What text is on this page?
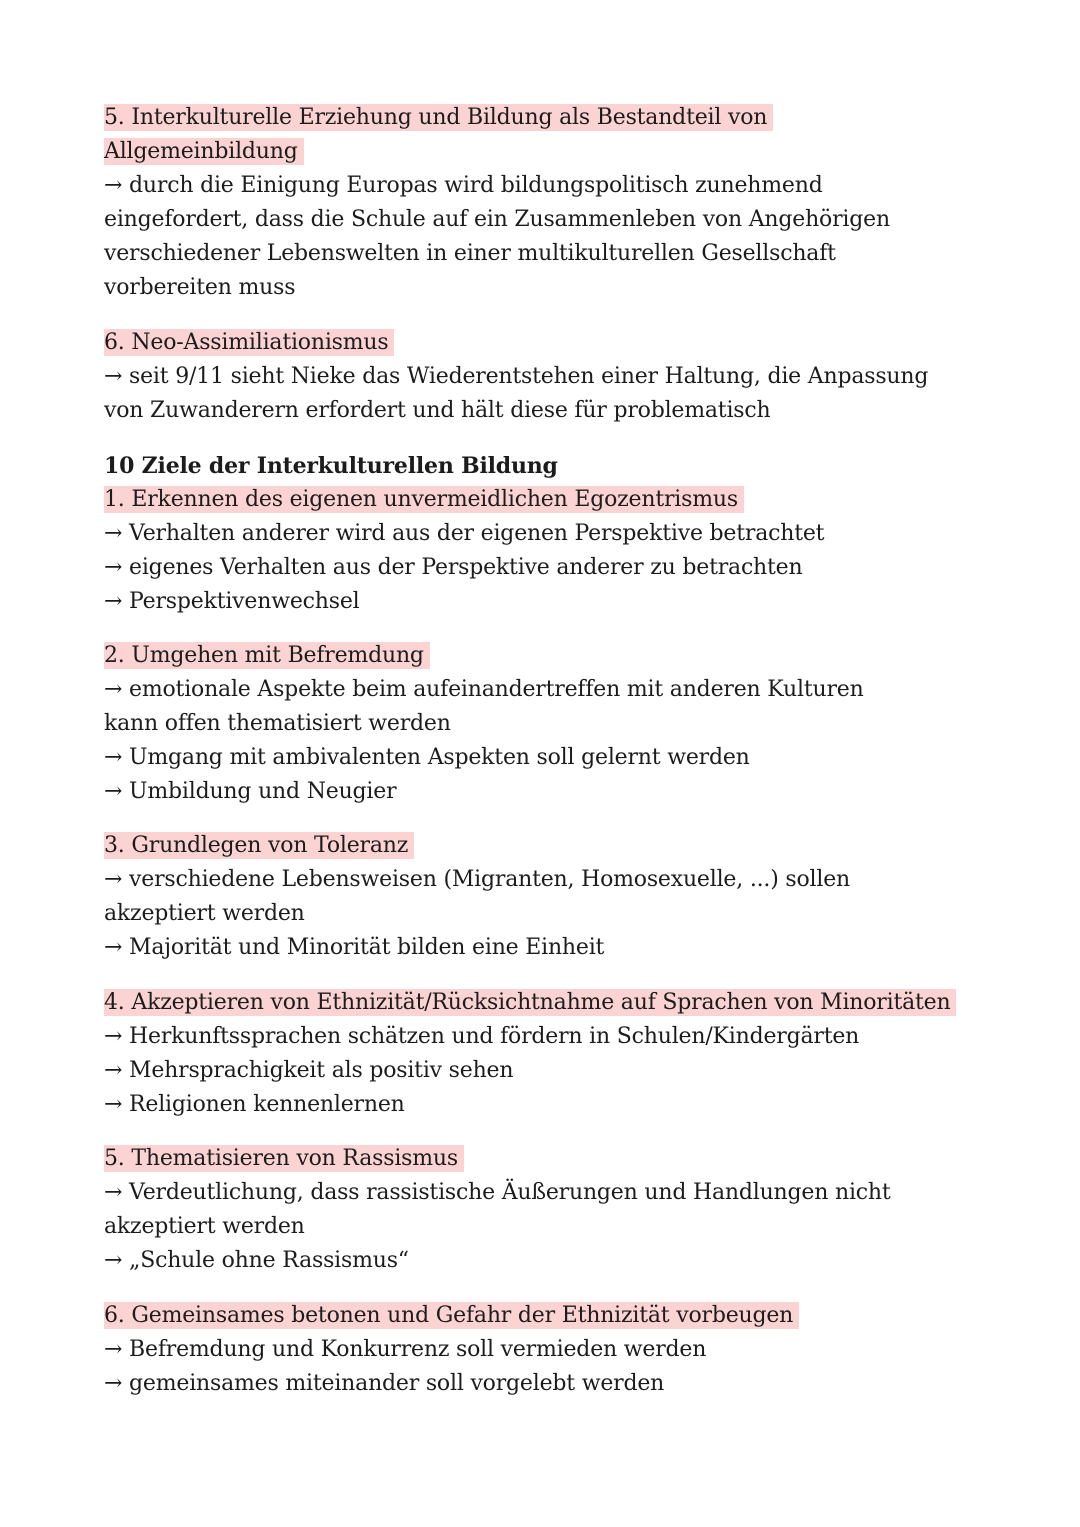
5. Interkulturelle Erziehung und Bildung als Bestandteil von
Allgemeinbildung
→ durch die Einigung Europas wird bildungspolitisch zunehmend
eingefordert, dass die Schule auf ein Zusammenleben von Angehörigen
verschiedener Lebenswelten in einer multikulturellen Gesellschaft
vorbereiten muss
6. Neo-Assimiliationismus
→ seit 9/11 sieht Nieke das Wiederentstehen einer Haltung, die Anpassung
von Zuwanderern erfordert und hält diese für problematisch
10 Ziele der Interkulturellen Bildung
1. Erkennen des eigenen unvermeidlichen Egozentrismus
→ Verhalten anderer wird aus der eigenen Perspektive betrachtet
→ eigenes Verhalten aus der Perspektive anderer zu betrachten
→ Perspektivenwechsel
2. Umgehen mit Befremdung
→ emotionale Aspekte beim aufeinandertreffen mit anderen Kulturen
kann offen thematisiert werden
→ Umgang mit ambivalenten Aspekten soll gelernt werden
→ Umbildung und Neugier
3. Grundlegen von Toleranz
→ verschiedene Lebensweisen (Migranten, Homosexuelle, ...) sollen
akzeptiert werden
→ Majorität und Minorität bilden eine Einheit
4. Akzeptieren von Ethnizität/Rücksichtnahme auf Sprachen von Minoritäten
→ Herkunftssprachen schätzen und fördern in Schulen/Kindergärten
→ Mehrsprachigkeit als positiv sehen
→ Religionen kennenlernen
5. Thematisieren von Rassismus
→ Verdeutlichung, dass rassistische Äußerungen und Handlungen nicht
akzeptiert werden
→ „Schule ohne Rassismus“
6. Gemeinsames betonen und Gefahr der Ethnizität vorbeugen
→ Befremdung und Konkurrenz soll vermieden werden
→ gemeinsames miteinander soll vorgelebt werden
